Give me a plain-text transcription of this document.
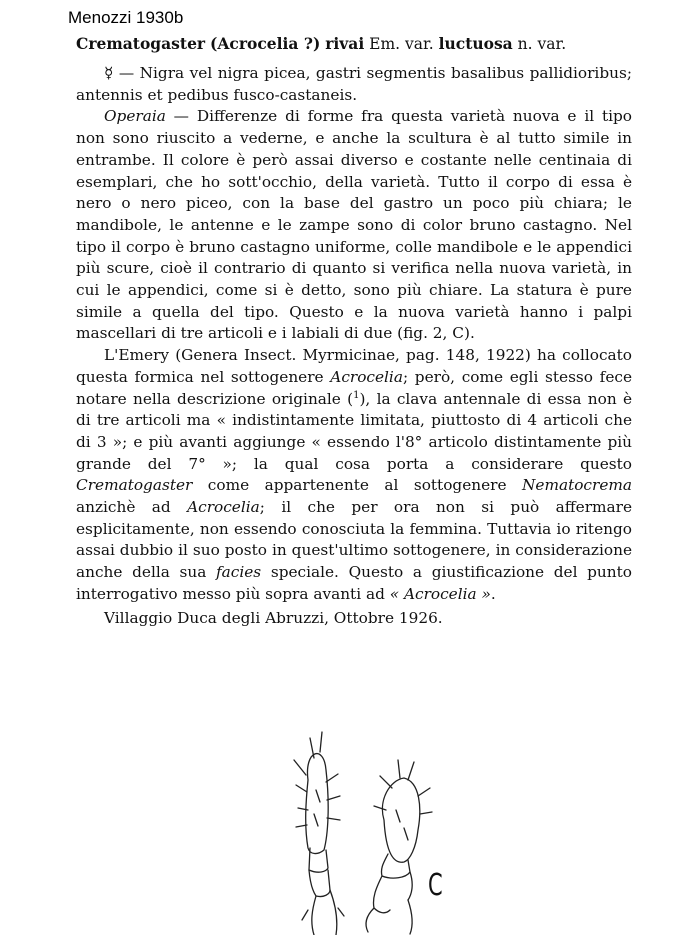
Menozzi 1930b
Crematogaster (Acrocelia ?) rivai Em. var. luctuosa n. var.

☿ — Nigra vel nigra picea, gastri segmentis basalibus pallidioribus; antennis et pedibus fusco-castaneis.

Operaia — Differenze di forme fra questa varietà nuova e il tipo non sono riuscito a vederne, e anche la scultura è al tutto simile in entrambe. Il colore è però assai diverso e costante nelle centinaia di esemplari, che ho sott'occhio, della varietà. Tutto il corpo di essa è nero o nero piceo, con la base del gastro un poco più chiara; le mandibole, le antenne e le zampe sono di color bruno castagno. Nel tipo il corpo è bruno castagno uniforme, colle mandibole e le appendici più scure, cioè il contrario di quanto si verifica nella nuova varietà, in cui le appendici, come si è detto, sono più chiare. La statura è pure simile a quella del tipo. Questo e la nuova varietà hanno i palpi mascellari di tre articoli e i labiali di due (fig. 2, C).

L'Emery (Genera Insect. Myrmicinae, pag. 148, 1922) ha collocato questa formica nel sottogenere Acrocelia; però, come egli stesso fece notare nella descrizione originale ($^1$), la clava antennale di essa non è di tre articoli ma « indistintamente limitata, piuttosto di 4 articoli che di 3 »; e più avanti aggiunge « essendo l'8° articolo distintamente più grande del 7° »; la qual cosa porta a considerare questo Crematogaster come appartenente al sottogenere Nematocrema anzichè ad Acrocelia; il che per ora non si può affermare esplicitamente, non essendo conosciuta la femmina. Tuttavia io ritengo assai dubbio il suo posto in quest'ultimo sottogenere, in considerazione anche della sua facies speciale. Questo a giustificazione del punto interrogativo messo più sopra avanti ad « Acrocelia ».

Villaggio Duca degli Abruzzi, Ottobre 1926.

C
